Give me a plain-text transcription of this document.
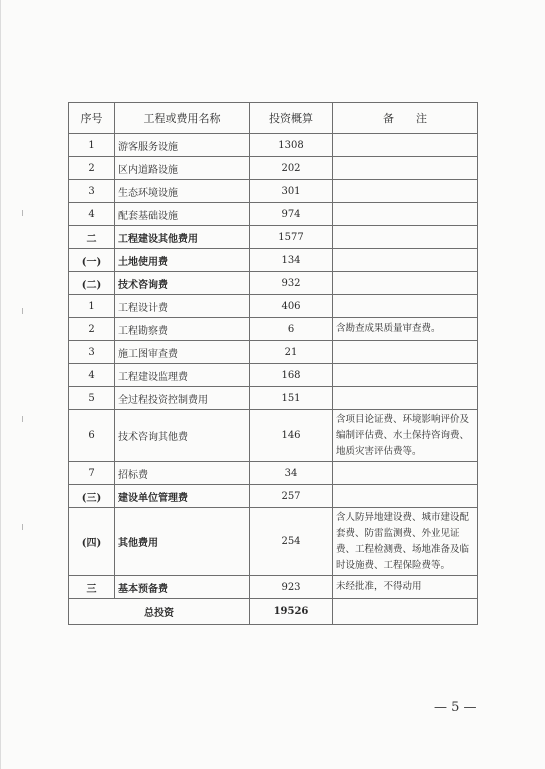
序号	工程或费用名称	投资概算	备　　注
1	游客服务设施	1308	
2	区内道路设施	202	
3	生态环境设施	301	
4	配套基础设施	974	
二	工程建设其他费用	1577	
(一)	土地使用费	134	
(二)	技术咨询费	932	
1	工程设计费	406	
2	工程勘察费	6	含勘查成果质量审查费。
3	施工图审查费	21	
4	工程建设监理费	168	
5	全过程投资控制费用	151	
6	技术咨询其他费	146	含项目论证费、环境影响评价及编制评估费、水土保持咨询费、地质灾害评估费等。
7	招标费	34	
(三)	建设单位管理费	257	
(四)	其他费用	254	含人防异地建设费、城市建设配套费、防雷监测费、外业见证费、工程检测费、场地准备及临时设施费、工程保险费等。
三	基本预备费	923	未经批准，不得动用
总投资		19526	
— 5 —
